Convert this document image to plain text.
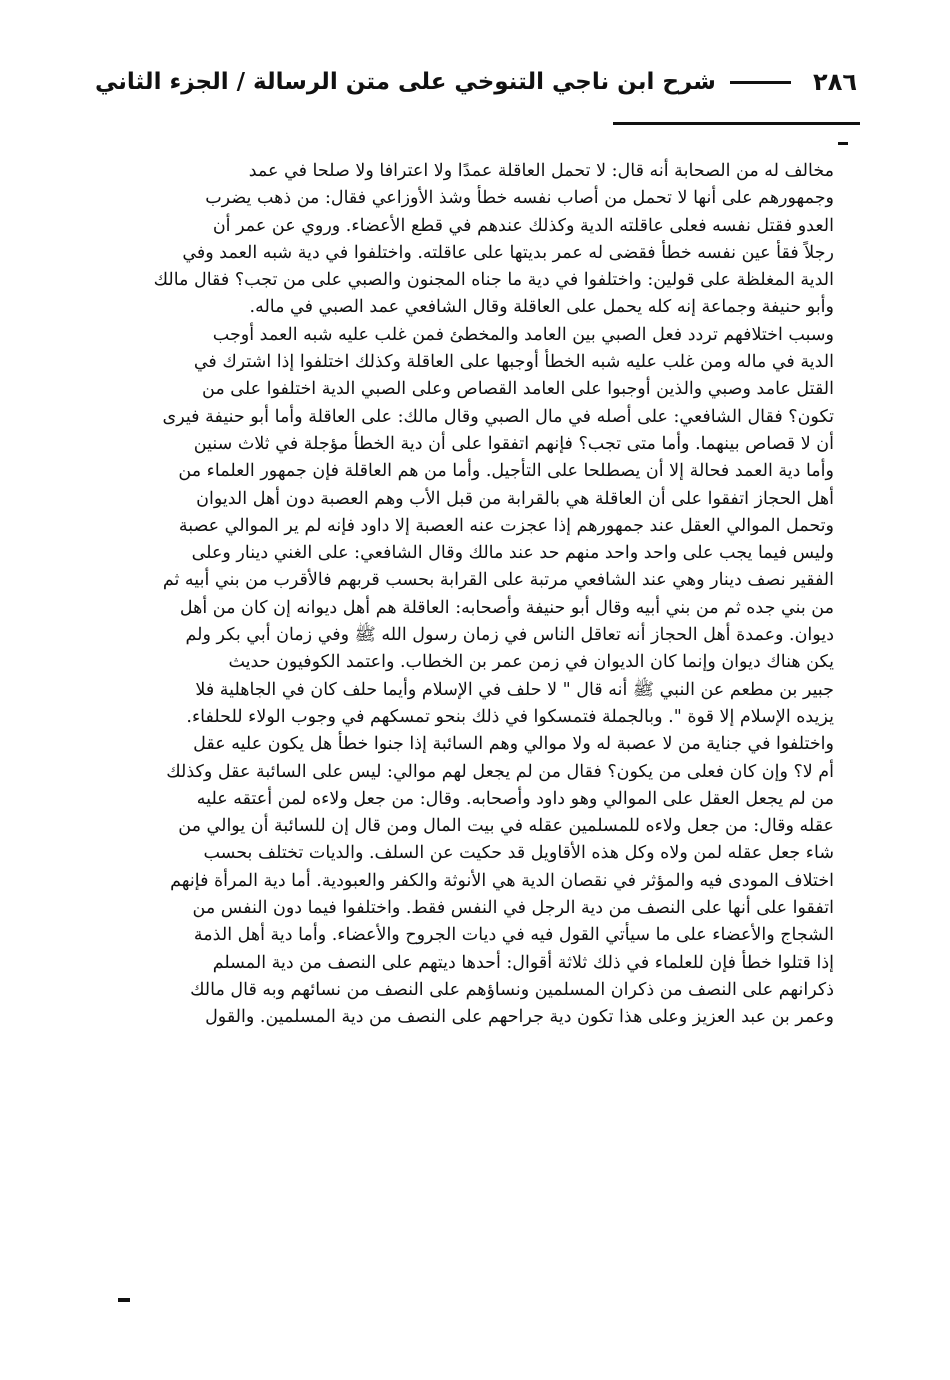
٢٨٦
شرح ابن ناجي التنوخي على متن الرسالة / الجزء الثاني
مخالف له من الصحابة أنه قال: لا تحمل العاقلة عمدًا ولا اعترافا ولا صلحا في عمد
وجمهورهم على أنها لا تحمل من أصاب نفسه خطأ وشذ الأوزاعي فقال: من ذهب يضرب
العدو فقتل نفسه فعلى عاقلته الدية وكذلك عندهم في قطع الأعضاء. وروي عن عمر أن
رجلاً فقأ عين نفسه خطأ فقضى له عمر بديتها على عاقلته. واختلفوا في دية شبه العمد وفي
الدية المغلظة على قولين: واختلفوا في دية ما جناه المجنون والصبي على من تجب؟ فقال مالك
وأبو حنيفة وجماعة إنه كله يحمل على العاقلة وقال الشافعي عمد الصبي في ماله.
وسبب اختلافهم تردد فعل الصبي بين العامد والمخطئ فمن غلب عليه شبه العمد أوجب
الدية في ماله ومن غلب عليه شبه الخطأ أوجبها على العاقلة وكذلك اختلفوا إذا اشترك في
القتل عامد وصبي والذين أوجبوا على العامد القصاص وعلى الصبي الدية اختلفوا على من
تكون؟ فقال الشافعي: على أصله في مال الصبي وقال مالك: على العاقلة وأما أبو حنيفة فيرى
أن لا قصاص بينهما. وأما متى تجب؟ فإنهم اتفقوا على أن دية الخطأ مؤجلة في ثلاث سنين
وأما دية العمد فحالة إلا أن يصطلحا على التأجيل. وأما من هم العاقلة فإن جمهور العلماء من
أهل الحجاز اتفقوا على أن العاقلة هي بالقرابة من قبل الأب وهم العصبة دون أهل الديوان
وتحمل الموالي العقل عند جمهورهم إذا عجزت عنه العصبة إلا داود فإنه لم ير الموالي عصبة
وليس فيما يجب على واحد واحد منهم حد عند مالك وقال الشافعي: على الغني دينار وعلى
الفقير نصف دينار وهي عند الشافعي مرتبة على القرابة بحسب قربهم فالأقرب من بني أبيه ثم
من بني جده ثم من بني أبيه وقال أبو حنيفة وأصحابه: العاقلة هم أهل ديوانه إن كان من أهل
ديوان. وعمدة أهل الحجاز أنه تعاقل الناس في زمان رسول الله ﷺ وفي زمان أبي بكر ولم
يكن هناك ديوان وإنما كان الديوان في زمن عمر بن الخطاب. واعتمد الكوفيون حديث
جبير بن مطعم عن النبي ﷺ أنه قال " لا حلف في الإسلام وأيما حلف كان في الجاهلية فلا
يزيده الإسلام إلا قوة ". وبالجملة فتمسكوا في ذلك بنحو تمسكهم في وجوب الولاء للحلفاء.
واختلفوا في جناية من لا عصبة له ولا موالي وهم السائبة إذا جنوا خطأ هل يكون عليه عقل
أم لا؟ وإن كان فعلى من يكون؟ فقال من لم يجعل لهم موالي: ليس على السائبة عقل وكذلك
من لم يجعل العقل على الموالي وهو داود وأصحابه. وقال: من جعل ولاءه لمن أعتقه عليه
عقله وقال: من جعل ولاءه للمسلمين عقله في بيت المال ومن قال إن للسائبة أن يوالي من
شاء جعل عقله لمن ولاه وكل هذه الأقاويل قد حكيت عن السلف. والديات تختلف بحسب
اختلاف المودى فيه والمؤثر في نقصان الدية هي الأنوثة والكفر والعبودية. أما دية المرأة فإنهم
اتفقوا على أنها على النصف من دية الرجل في النفس فقط. واختلفوا فيما دون النفس من
الشجاج والأعضاء على ما سيأتي القول فيه في ديات الجروح والأعضاء. وأما دية أهل الذمة
إذا قتلوا خطأ فإن للعلماء في ذلك ثلاثة أقوال: أحدها ديتهم على النصف من دية المسلم
ذكرانهم على النصف من ذكران المسلمين ونساؤهم على النصف من نسائهم وبه قال مالك
وعمر بن عبد العزيز وعلى هذا تكون دية جراحهم على النصف من دية المسلمين. والقول
